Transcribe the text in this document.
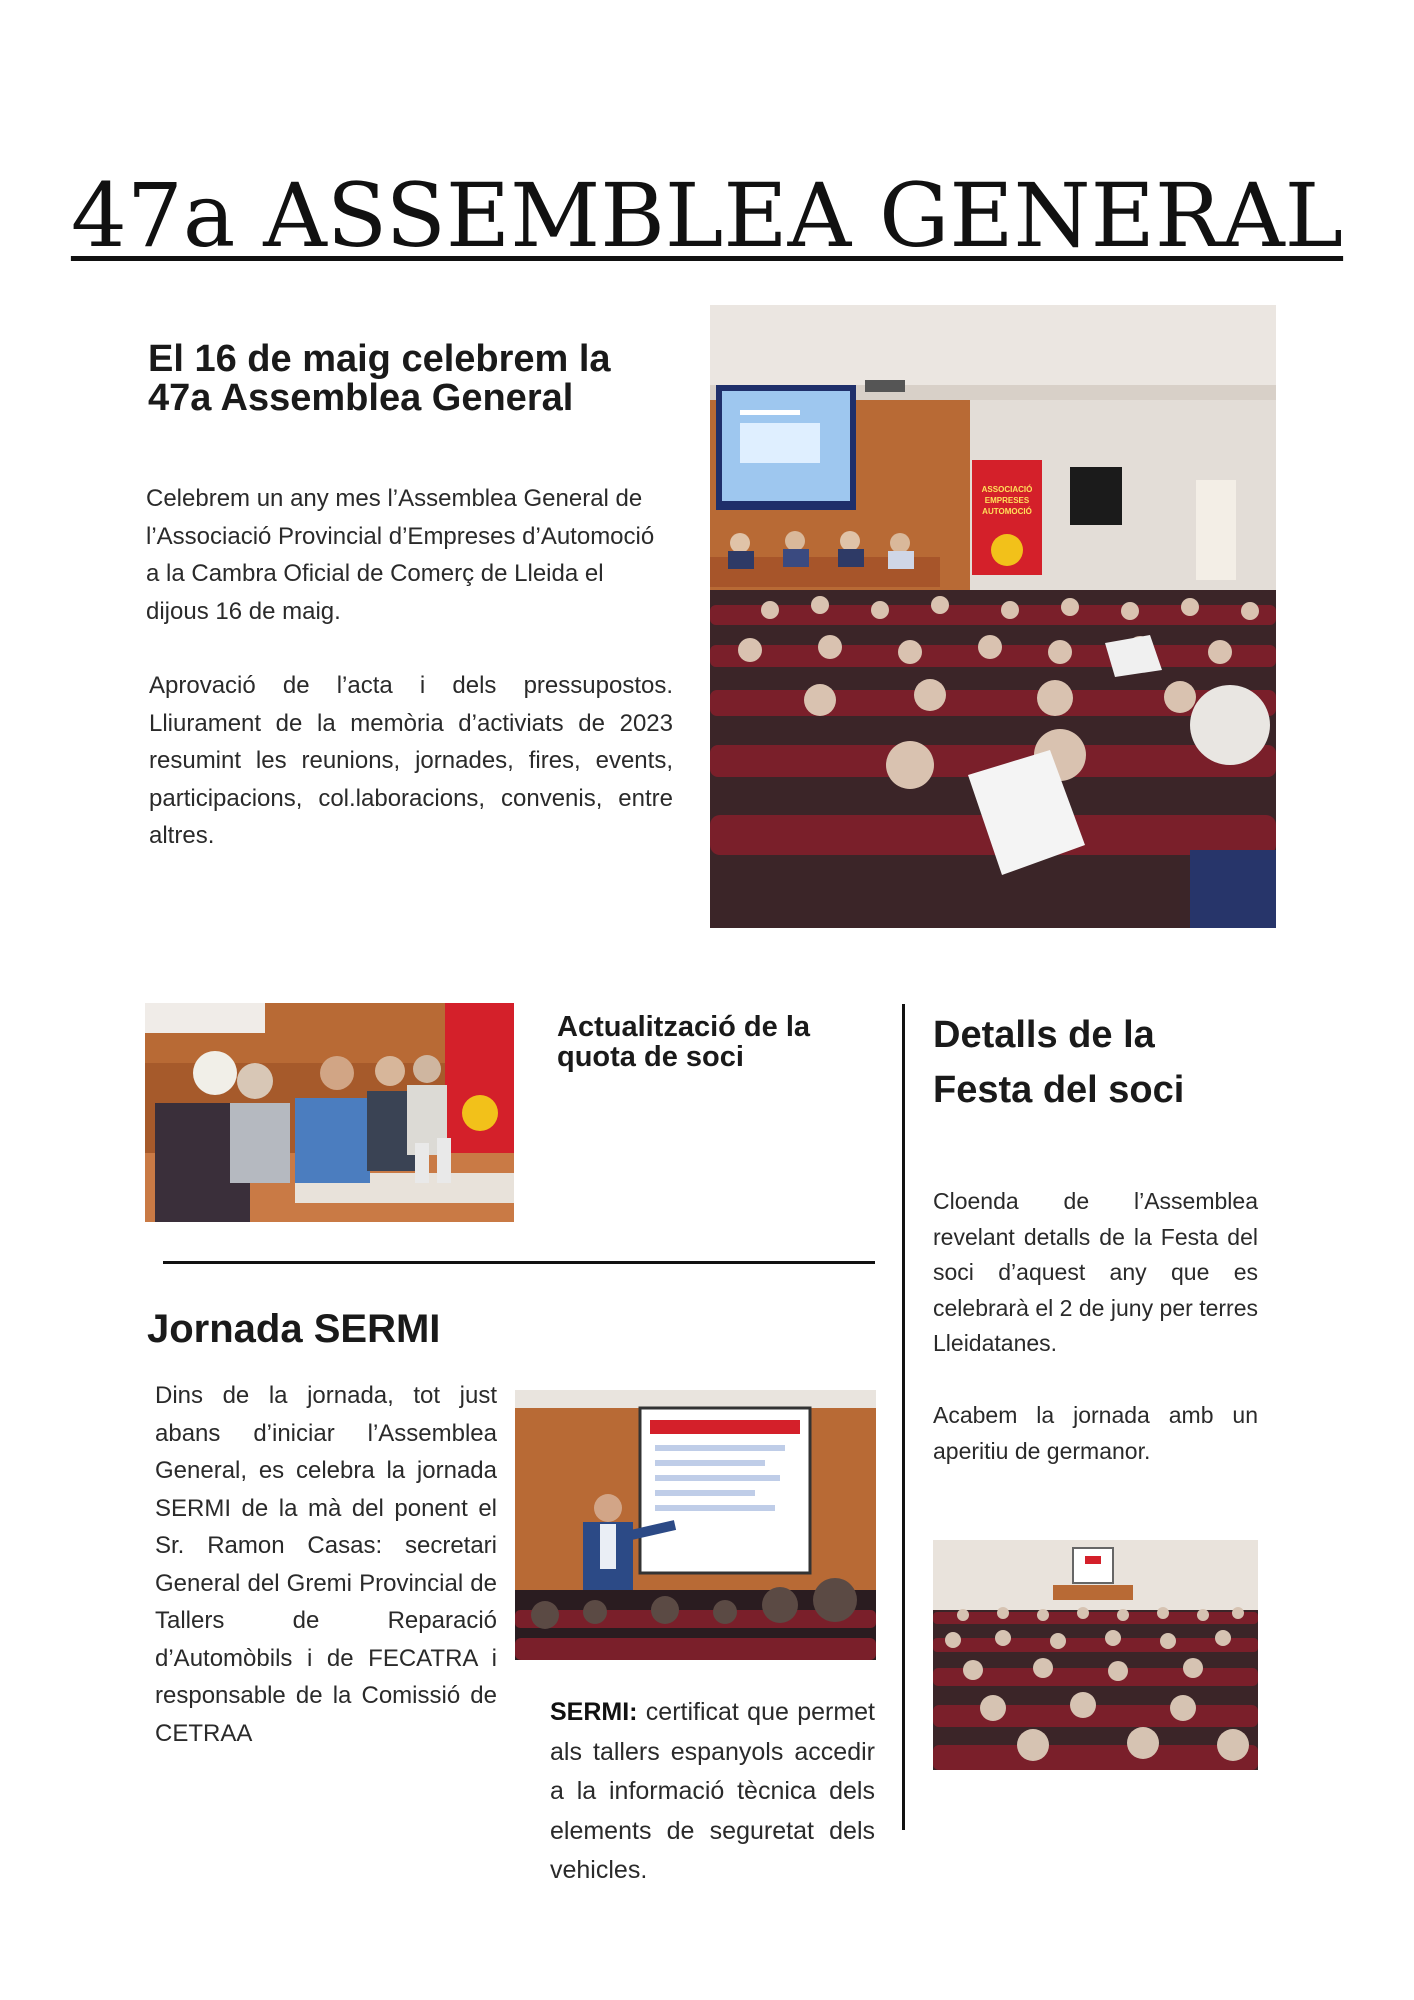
47a ASSEMBLEA GENERAL
El 16 de maig celebrem la
47a Assemblea General
Celebrem un any mes l’Assemblea General de l’Associació Provincial d’Empreses d’Automoció a la Cambra Oficial de Comerç de Lleida el dijous 16 de maig.
Aprovació de l’acta i dels pressupostos. Lliurament de la memòria d’activiats de 2023 resumint les reunions, jornades, fires, events, participacions, col.laboracions, convenis, entre altres.
ASSOCIACIÓ
EMPRESES
AUTOMOCIÓ
Actualització de la
quota de soci
Jornada SERMI
Dins de la jornada, tot just abans d’iniciar l’Assemblea General, es celebra la jornada SERMI de la mà del ponent el Sr. Ramon Casas: secretari General del Gremi Provincial de Tallers de Reparació d’Automòbils i de FECATRA i responsable de la Comissió de CETRAA
SERMI: certificat que permet als tallers espanyols accedir a la informació tècnica dels elements de seguretat dels vehicles.
Detalls de la
Festa del soci
Cloenda de l’Assemblea revelant detalls de la Festa del soci d’aquest any que es celebrarà el 2 de juny per terres Lleidatanes.
Acabem la jornada amb un aperitiu de germanor.
